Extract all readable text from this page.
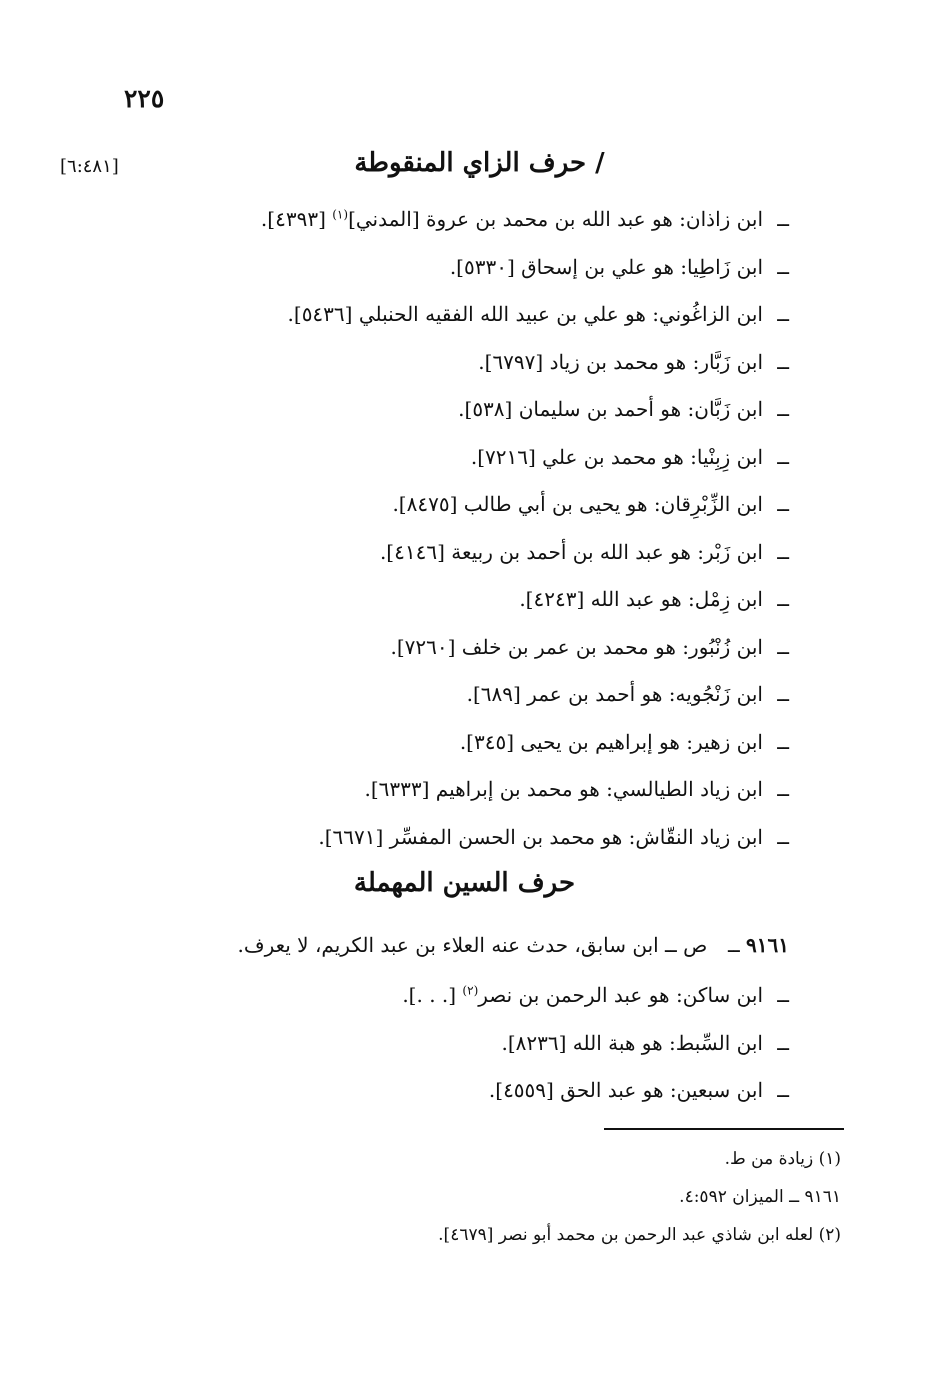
٢٢٥
[٦:٤٨١]	/ حرف الزاي المنقوطة
ــابن زاذان: هو عبد الله بن محمد بن عروة [المدني]$^{(١)}$ [٤٣٩٣].
ــابن زَاطِيا: هو علي بن إسحاق [٥٣٣٠].
ــابن الزاغُوني: هو علي بن عبيد الله الفقيه الحنبلي [٥٤٣٦].
ــابن زَبَّار: هو محمد بن زياد [٦٧٩٧].
ــابن زَبَّان: هو أحمد بن سليمان [٥٣٨].
ــابن زِبِنْيا: هو محمد بن علي [٧٢١٦].
ــابن الزِّبْرِقان: هو يحيى بن أبي طالب [٨٤٧٥].
ــابن زَبْر: هو عبد الله بن أحمد بن ربيعة [٤١٤٦].
ــابن زِمْل: هو عبد الله [٤٢٤٣].
ــابن زُنْبُور: هو محمد بن عمر بن خلف [٧٢٦٠].
ــابن زَنْجُويه: هو أحمد بن عمر [٦٨٩].
ــابن زهير: هو إبراهيم بن يحيى [٣٤٥].
ــابن زياد الطيالسي: هو محمد بن إبراهيم [٦٣٣٣].
ــابن زياد النقّاش: هو محمد بن الحسن المفسِّر [٦٦٧١].
حرف السين المهملة
٩١٦١ ــ ص ــ ابن سابق، حدث عنه العلاء بن عبد الكريم، لا يعرف.
ــابن ساكن: هو عبد الرحمن بن نصر$^{(٢)}$ [. . .].
ــابن السِّبط: هو هبة الله [٨٢٣٦].
ــابن سبعين: هو عبد الحق [٤٥٥٩].
(١) زيادة من ط.
٩١٦١ ــ الميزان ٤:٥٩٢.
(٢) لعله ابن شاذي عبد الرحمن بن محمد أبو نصر [٤٦٧٩].
